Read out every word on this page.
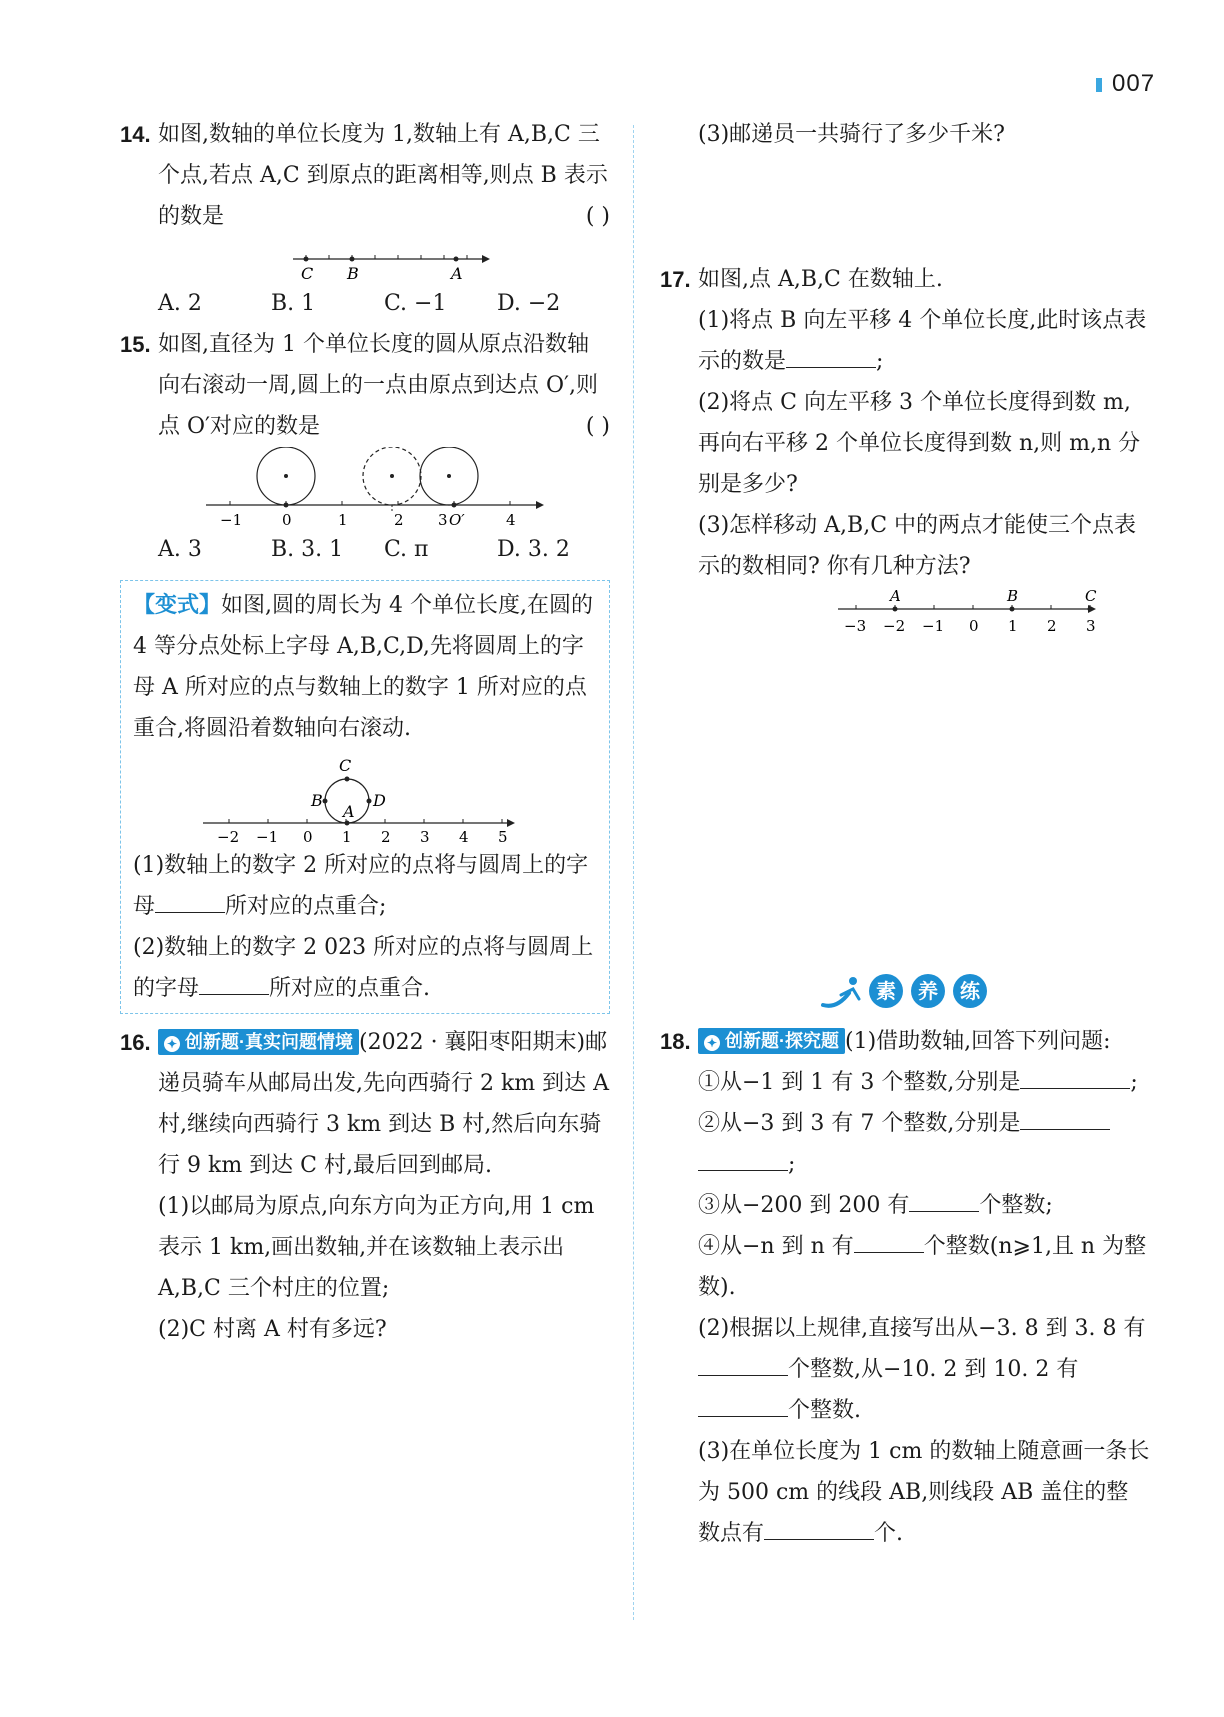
007
14. 如图,数轴的单位长度为 1,数轴上有 A,B,C 三个点,若点 A,C 到原点的距离相等,则点 B 表示的数是	( )

C B	A
A. 2	B. 1	C. −1	D. −2
15. 如图,直径为 1 个单位长度的圆从原点沿数轴向右滚动一周,圆上的一点由原点到达点 O′,则点 O′对应的数是	( )

−1	0	1	2 3 O′	4
A. 3	B. 3. 1	C. π	D. 3. 2

【变式】如图,圆的周长为 4 个单位长度,在圆的 4 等分点处标上字母 A,B,C,D,先将圆周上的字母 A 所对应的点与数轴上的数字 1 所对应的点重合,将圆沿着数轴向右滚动.

C
B
A
D
−2 −1 0 1 2 3 4 5

(1)数轴上的数字 2 所对应的点将与圆周上的字母	所对应的点重合;

(2)数轴上的数字 2 023 所对应的点将与圆周上的字母	所对应的点重合.

16.	✦ 创新题·真实问题情境 (2022 · 襄阳枣阳期末)邮递员骑车从邮局出发,先向西骑行 2 km 到达 A 村,继续向西骑行 3 km 到达 B 村,然后向东骑行 9 km 到达 C 村,最后回到邮局.

(1)以邮局为原点,向东方向为正方向,用 1 cm 表示 1 km,画出数轴,并在该数轴上表示出 A,B,C 三个村庄的位置;

(2)C 村离 A 村有多远?

(3)邮递员一共骑行了多少千米?

17. 如图,点 A,B,C 在数轴上.

(1)将点 B 向左平移 4 个单位长度,此时该点表示的数是	;

(2)将点 C 向左平移 3 个单位长度得到数 m,再向右平移 2 个单位长度得到数 n,则 m,n 分别是多少?

(3)怎样移动 A,B,C 中的两点才能使三个点表示的数相同? 你有几种方法?

A	B	C
−3 −2 −1 0 1 2 3
素	养	练
18.	✦ 创新题·探究题 (1)借助数轴,回答下列问题:

①从−1 到 1 有 3 个整数,分别是	;

②从−3 到 3 有 7 个整数,分别是
;

③从−200 到 200 有	个整数;

④从−n 到 n 有	个整数(n⩾1,且 n 为整数).

(2)根据以上规律,直接写出从−3. 8 到 3. 8 有个整数,从−10. 2 到 10. 2 有
个整数.

(3)在单位长度为 1 cm 的数轴上随意画一条长为 500 cm 的线段 AB,则线段 AB 盖住的整数点有	个.
